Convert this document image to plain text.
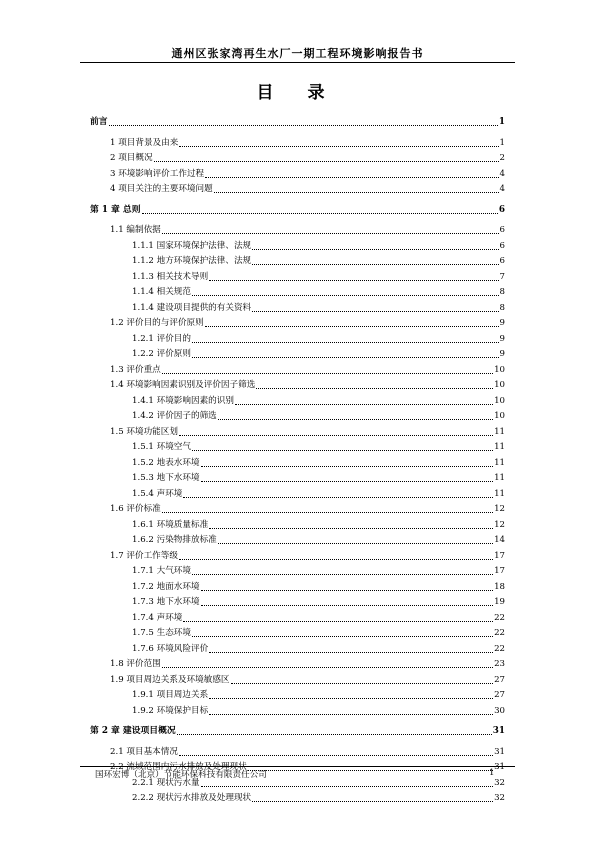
通州区张家湾再生水厂一期工程环境影响报告书
目 录
前言	1
1 项目背景及由来	1
2 项目概况	2
3 环境影响评价工作过程	4
4 项目关注的主要环境问题	4
第 1 章 总则	6
1.1 编制依据	6
1.1.1 国家环境保护法律、法规	6
1.1.2 地方环境保护法律、法规	6
1.1.3 相关技术导则	7
1.1.4 相关规范	8
1.1.4 建设项目提供的有关资料	8
1.2 评价目的与评价原则	9
1.2.1 评价目的	9
1.2.2 评价原则	9
1.3 评价重点	10
1.4 环境影响因素识别及评价因子筛选	10
1.4.1 环境影响因素的识别	10
1.4.2 评价因子的筛选	10
1.5 环境功能区划	11
1.5.1 环境空气	11
1.5.2 地表水环境	11
1.5.3 地下水环境	11
1.5.4 声环境	11
1.6 评价标准	12
1.6.1 环境质量标准	12
1.6.2 污染物排放标准	14
1.7 评价工作等级	17
1.7.1 大气环境	17
1.7.2 地面水环境	18
1.7.3 地下水环境	19
1.7.4 声环境	22
1.7.5 生态环境	22
1.7.6 环境风险评价	22
1.8 评价范围	23
1.9 项目周边关系及环境敏感区	27
1.9.1 项目周边关系	27
1.9.2 环境保护目标	30
第 2 章 建设项目概况	31
2.1 项目基本情况	31
2.2 流域范围内污水排放及处理现状	31
2.2.1 现状污水量	32
2.2.2 现状污水排放及处理现状	32
国环宏博（北京）节能环保科技有限责任公司	1
